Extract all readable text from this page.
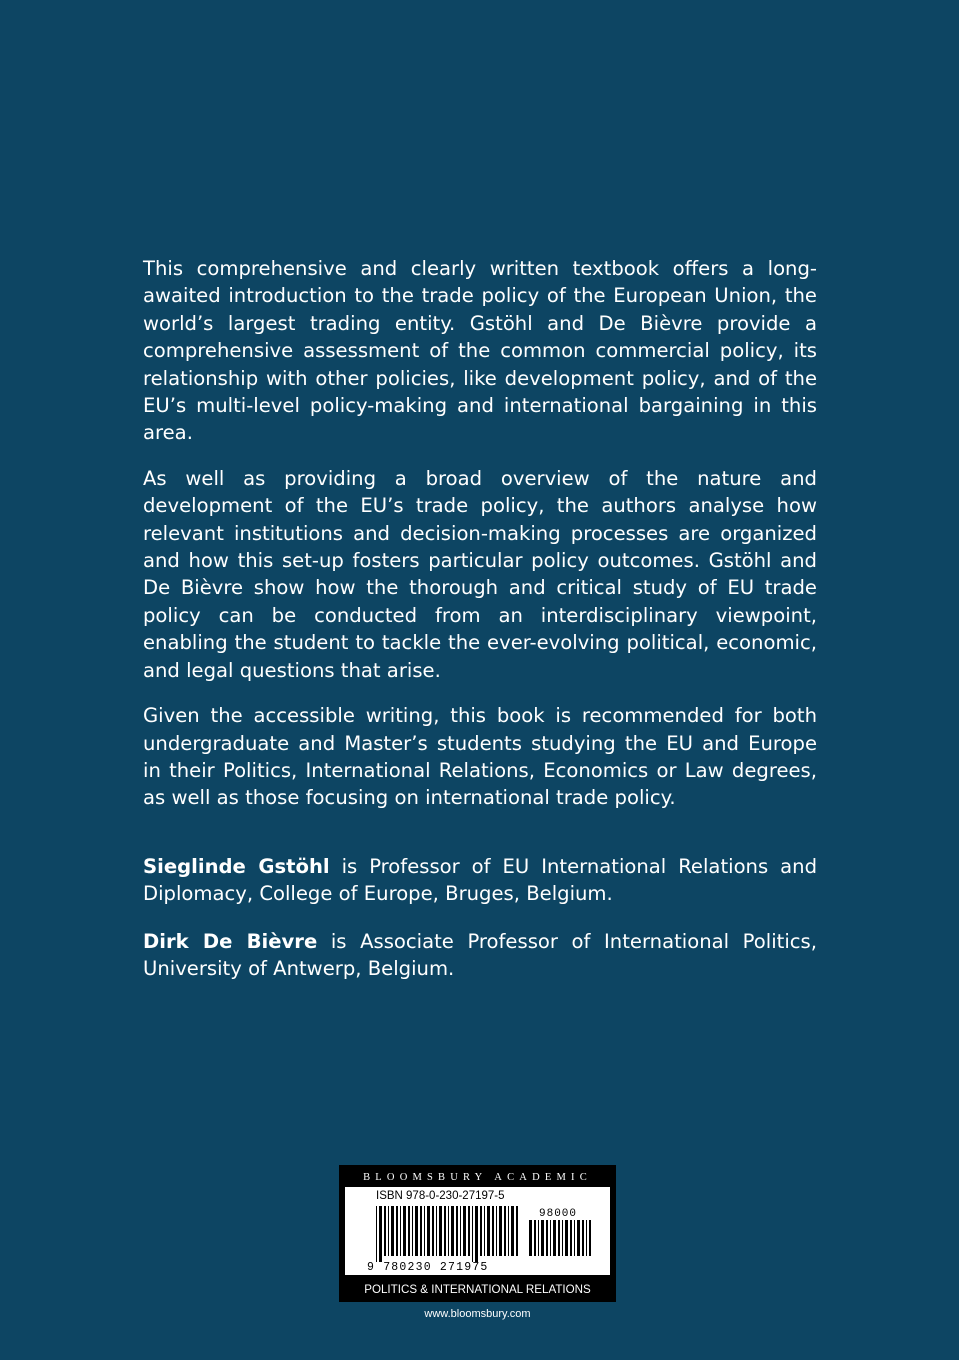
This comprehensive and clearly written textbook offers a long-awaited introduction to the trade policy of the European Union, the world’s largest trading entity. Gstöhl and De Bièvre provide a comprehensive assessment of the common commercial policy, its relationship with other policies, like development policy, and of the EU’s multi-level policy-making and international bargaining in this area.

As well as providing a broad overview of the nature and development of the EU’s trade policy, the authors analyse how relevant institutions and decision-making processes are organized and how this set-up fosters particular policy outcomes. Gstöhl and De Bièvre show how the thorough and critical study of EU trade policy can be conducted from an interdisciplinary viewpoint, enabling the student to tackle the ever-evolving political, economic, and legal questions that arise.

Given the accessible writing, this book is recommended for both undergraduate and Master’s students studying the EU and Europe in their Politics, International Relations, Economics or Law degrees, as well as those focusing on international trade policy.

Sieglinde Gstöhl is Professor of EU International Relations and Diplomacy, College of Europe, Bruges, Belgium.

Dirk De Bièvre is Associate Professor of International Politics, University of Antwerp, Belgium.

BLOOMSBURY ACADEMIC
ISBN 978-0-230-27197-5
98000
9 780230 271975
POLITICS & INTERNATIONAL RELATIONS
www.bloomsbury.com
